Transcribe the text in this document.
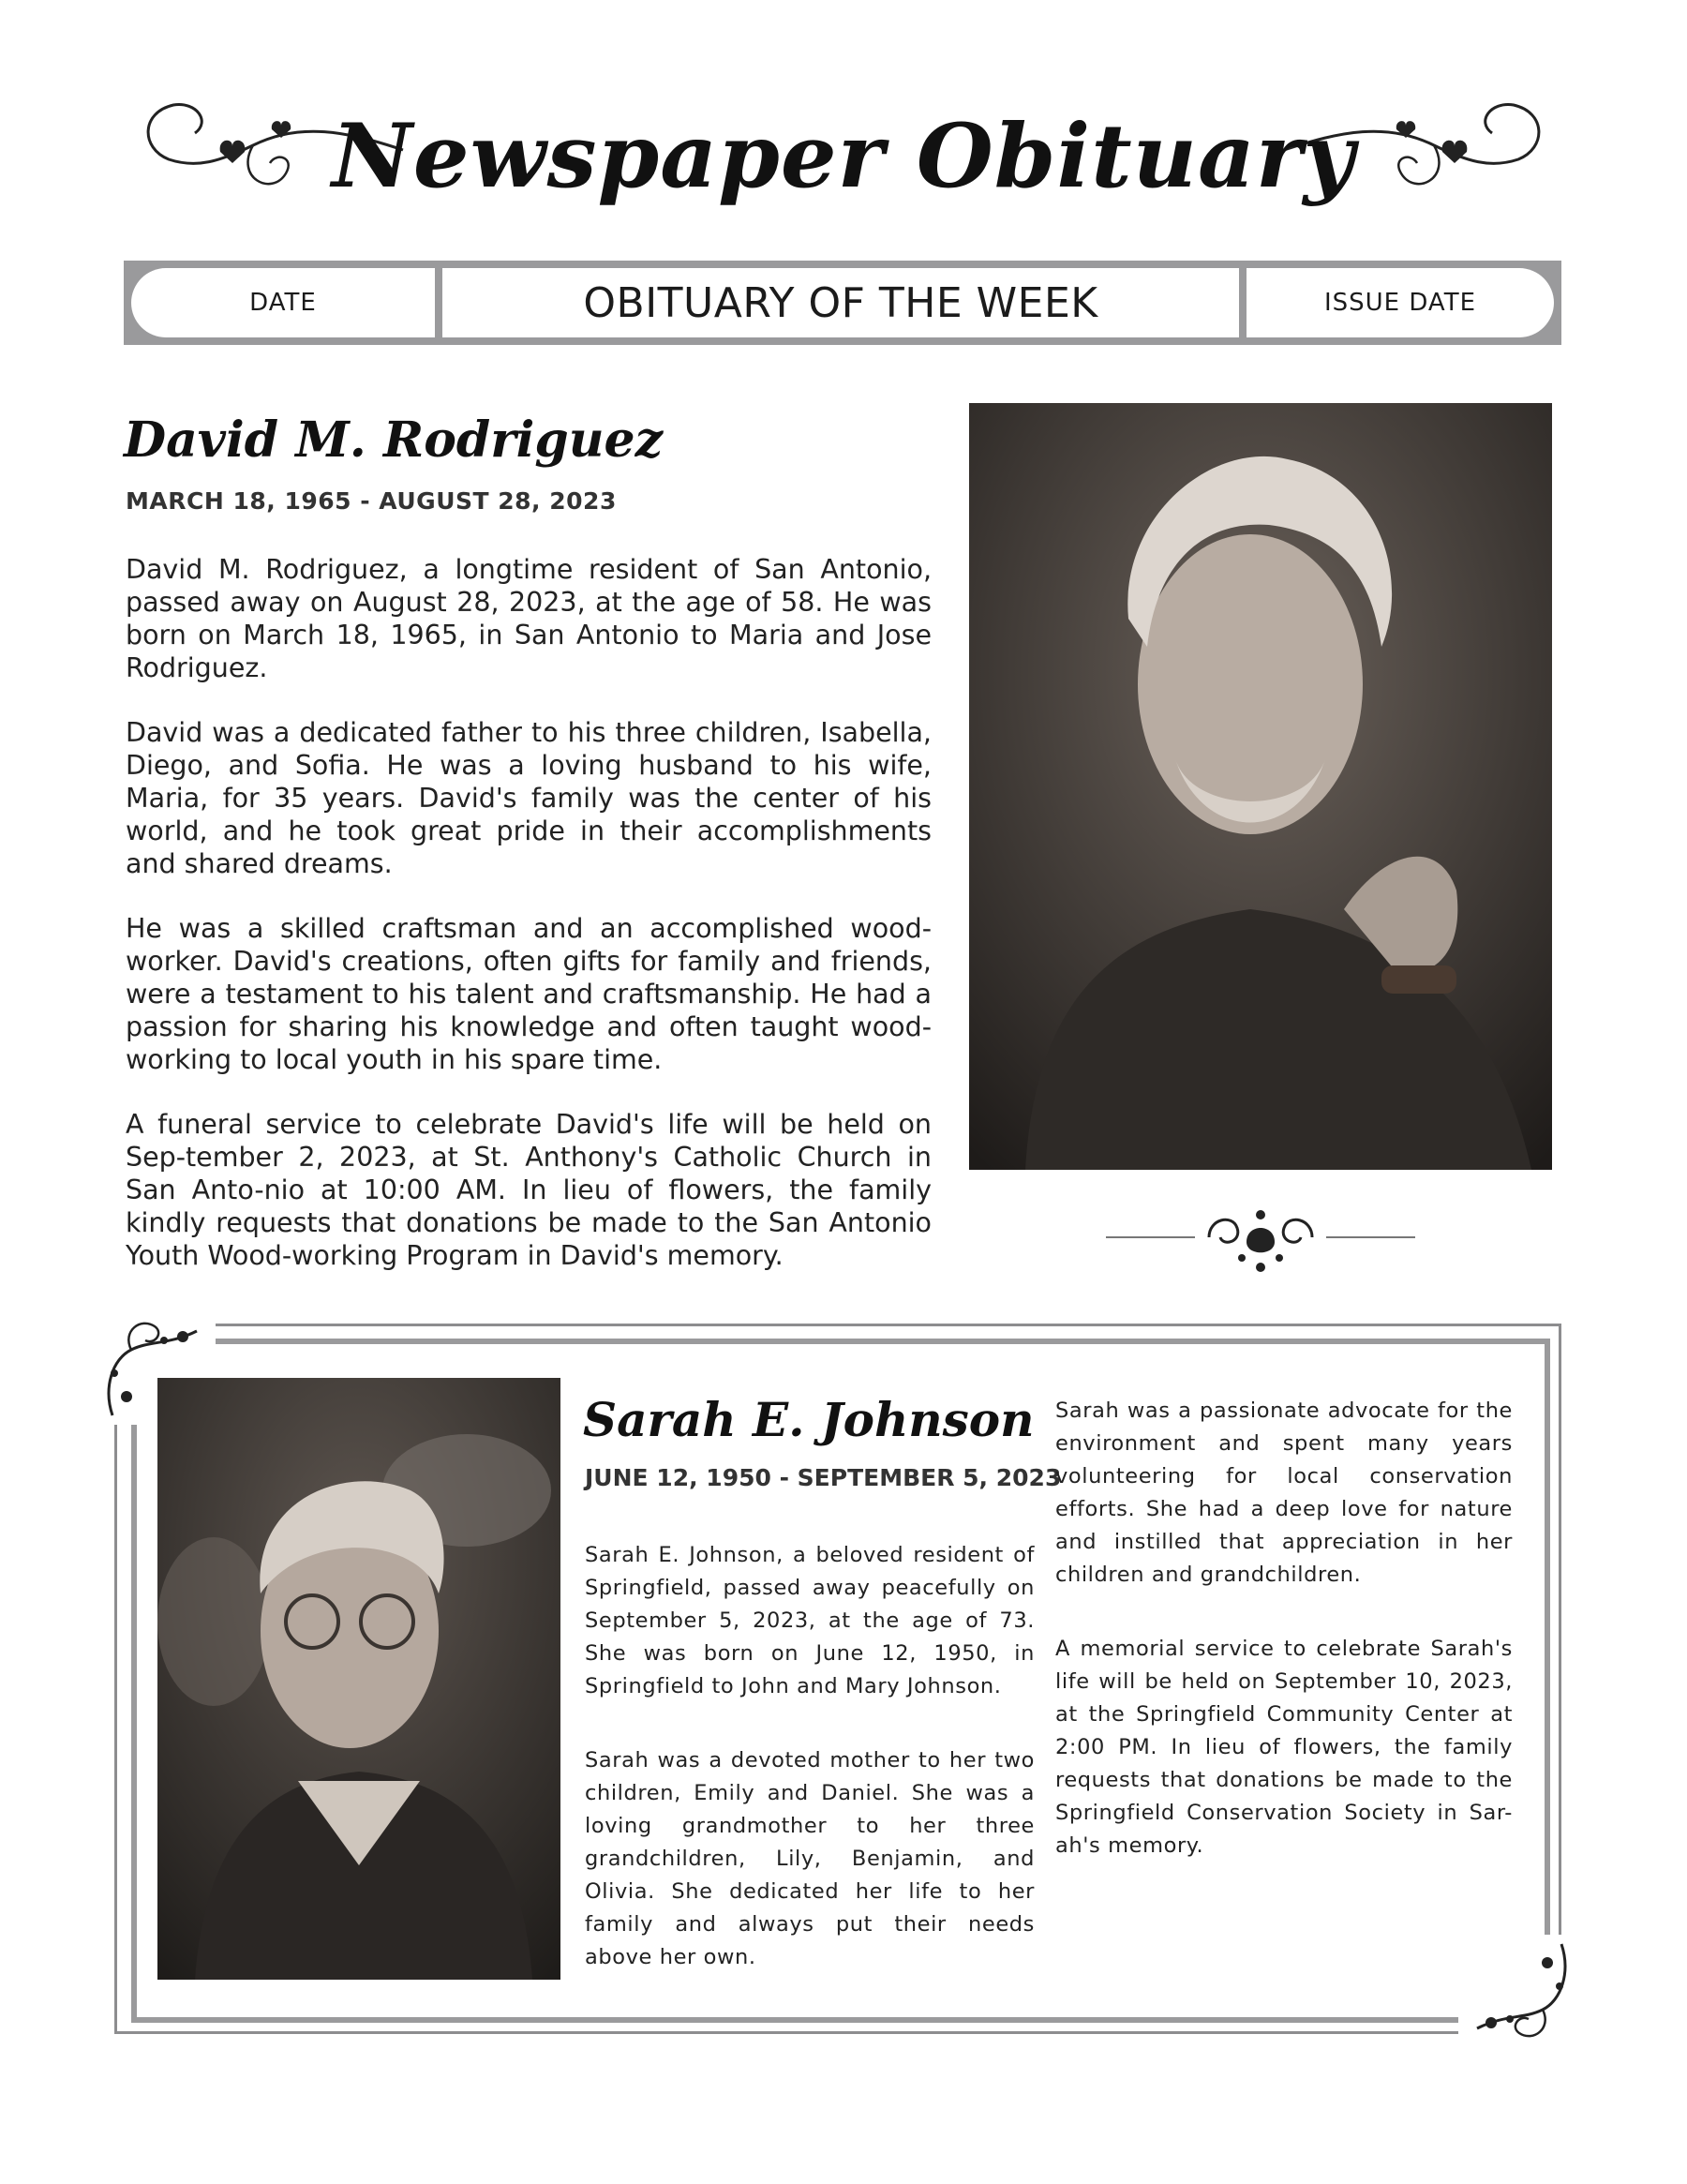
Newspaper Obituary
DATE	OBITUARY OF THE WEEK	ISSUE DATE
David M. Rodriguez
MARCH 18, 1965 - AUGUST 28, 2023

David M. Rodriguez, a longtime resident of San Antonio, passed away on August 28, 2023, at the age of 58. He was born on March 18, 1965, in San Antonio to Maria and Jose Rodriguez.

David was a dedicated father to his three children, Isabella, Diego, and Sofia. He was a loving husband to his wife, Maria, for 35 years. David's family was the center of his world, and he took great pride in their accomplishments and shared dreams.

He was a skilled craftsman and an accomplished wood-worker. David's creations, often gifts for family and friends, were a testament to his talent and craftsmanship. He had a passion for sharing his knowledge and often taught wood-working to local youth in his spare time.

A funeral service to celebrate David's life will be held on Sep-tember 2, 2023, at St. Anthony's Catholic Church in San Anto-nio at 10:00 AM. In lieu of flowers, the family kindly requests that donations be made to the San Antonio Youth Wood-working Program in David's memory.

Sarah E. Johnson
JUNE 12, 1950 - SEPTEMBER 5, 2023

Sarah E. Johnson, a beloved resident of Springfield, passed away peacefully on September 5, 2023, at the age of 73. She was born on June 12, 1950, in Springfield to John and Mary Johnson.

Sarah was a devoted mother to her two children, Emily and Daniel. She was a loving grandmother to her three grandchildren, Lily, Benjamin, and Olivia. She dedicated her life to her family and always put their needs above her own.

Sarah was a passionate advocate for the environment and spent many years volunteering for local conservation efforts. She had a deep love for nature and instilled that appreciation in her children and grandchildren.

A memorial service to celebrate Sarah's life will be held on September 10, 2023, at the Springfield Community Center at 2:00 PM. In lieu of flowers, the family requests that donations be made to the Springfield Conservation Society in Sar-ah's memory.
